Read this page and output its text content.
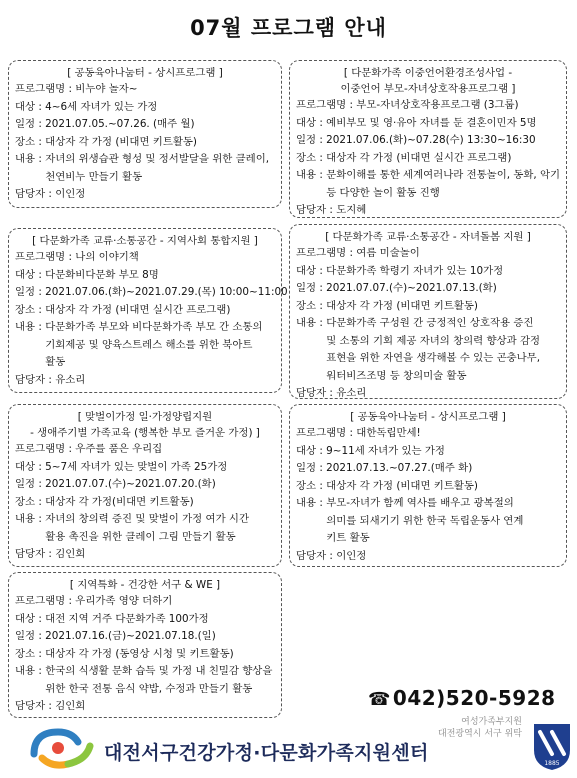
07월 프로그램 안내
[ 공동육아나눔터 - 상시프로그램 ]
프로그램명 : 비누야 놀자~
대상 : 4~6세 자녀가 있는 가정
일정 : 2021.07.05.~07.26. (매주 월)
장소 : 대상자 각 가정 (비대면 키트활동)
내용 : 자녀의 위생습관 형성 및 정서발달을 위한 클레이,
천연비누 만들기 활동
담당자 : 이인정
[ 다문화가족 이중언어환경조성사업 -
이중언어 부모-자녀상호작용프로그램 ]
프로그램명 : 부모-자녀상호작용프로그램 (3그룹)
대상 : 예비부모 및 영·유아 자녀를 둔 결혼이민자 5명
일정 : 2021.07.06.(화)~07.28(수) 13:30~16:30
장소 : 대상자 각 가정 (비대면 실시간 프로그램)
내용 : 문화이해를 통한 세계여러나라 전통놀이, 동화, 악기
등 다양한 놀이 활동 진행
담당자 : 도지혜
[ 다문화가족 교류·소통공간 - 지역사회 통합지원 ]
프로그램명 : 나의 이야기책
대상 : 다문화비다문화 부모 8명
일정 : 2021.07.06.(화)~2021.07.29.(목) 10:00~11:00
장소 : 대상자 각 가정 (비대면 실시간 프로그램)
내용 : 다문화가족 부모와 비다문화가족 부모 간 소통의
기회제공 및 양육스트레스 해소를 위한 북아트
활동
담당자 : 유소리
[ 다문화가족 교류·소통공간 - 자녀돌봄 지원 ]
프로그램명 : 여름 미술놀이
대상 : 다문화가족 학령기 자녀가 있는 10가정
일정 : 2021.07.07.(수)~2021.07.13.(화)
장소 : 대상자 각 가정 (비대면 키트활동)
내용 : 다문화가족 구성원 간 긍정적인 상호작용 증진
및 소통의 기회 제공 자녀의 창의력 향상과 감정
표현을 위한 자연을 생각해볼 수 있는 곤충나무,
워터비즈조명 등 창의미술 활동
담당자 : 유소리
[ 맞벌이가정 일·가정양립지원
- 생애주기별 가족교육 (행복한 부모 즐거운 가정) ]
프로그램명 : 우주를 품은 우리집
대상 : 5~7세 자녀가 있는 맞벌이 가족 25가정
일정 : 2021.07.07.(수)~2021.07.20.(화)
장소 : 대상자 각 가정(비대면 키트활동)
내용 : 자녀의 창의력 증진 및 맞벌이 가정 여가 시간
활용 촉진을 위한 클레이 그림 만들기 활동
담당자 : 김인희
[ 공동육아나눔터 - 상시프로그램 ]
프로그램명 : 대한독립만세!
대상 : 9~11세 자녀가 있는 가정
일정 : 2021.07.13.~07.27.(매주 화)
장소 : 대상자 각 가정 (비대면 키트활동)
내용 : 부모-자녀가 함께 역사를 배우고 광복절의
의미를 되새기기 위한 한국 독립운동사 연계
키트 활동
담당자 : 이인정
[ 지역특화 - 건강한 서구 & WE ]
프로그램명 : 우리가족 영양 더하기
대상 : 대전 지역 거주 다문화가족 100가정
일정 : 2021.07.16.(금)~2021.07.18.(일)
장소 : 대상자 각 가정 (동영상 시청 및 키트활동)
내용 : 한국의 식생활 문화 습득 및 가정 내 친밀감 향상을
위한 한국 전통 음식 약밥, 수정과 만들기 활동
담당자 : 김인희	☎ 042)520-5928
여성가족부지원
대전광역시 서구 위탁
대전서구건강가정·다문화가족지원센터	1885
